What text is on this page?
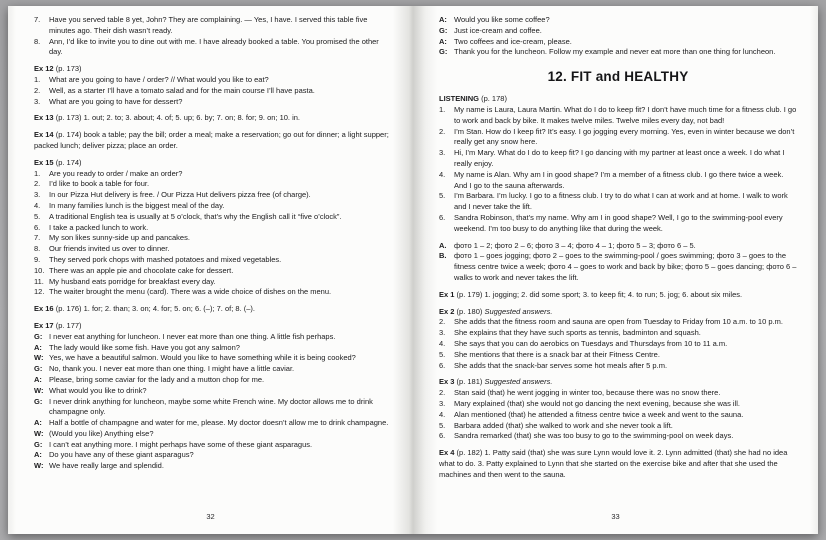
7. Have you served table 8 yet, John? They are complaining. — Yes, I have. I served this table five minutes ago. Their dish wasn’t ready.
8. Ann, I’d like to invite you to dine out with me. I have already booked a table. You promised the other day.
Ex 12 (p. 173)
1. What are you going to have / order? // What would you like to eat?
2. Well, as a starter I’ll have a tomato salad and for the main course I’ll have pasta.
3. What are you going to have for dessert?
Ex 13 (p. 173) 1. out; 2. to; 3. about; 4. of; 5. up; 6. by; 7. on; 8. for; 9. on; 10. in.
Ex 14 (p. 174) book a table; pay the bill; order a meal; make a reservation; go out for dinner; a light supper; packed lunch; deliver pizza; place an order.
Ex 15 (p. 174)
1. Are you ready to order / make an order?
2. I’d like to book a table for four.
3. In our Pizza Hut delivery is free. / Our Pizza Hut delivers pizza free (of charge).
4. In many families lunch is the biggest meal of the day.
5. A traditional English tea is usually at 5 o’clock, that’s why the English call it “five o’clock”.
6. I take a packed lunch to work.
7. My son likes sunny-side up and pancakes.
8. Our friends invited us over to dinner.
9. They served pork chops with mashed potatoes and mixed vegetables.
10. There was an apple pie and chocolate cake for dessert.
11. My husband eats porridge for breakfast every day.
12. The waiter brought the menu (card). There was a wide choice of dishes on the menu.
Ex 16 (p. 176) 1. for; 2. than; 3. on; 4. for; 5. on; 6. (–); 7. of; 8. (–).
Ex 17 (p. 177)
G: I never eat anything for luncheon. I never eat more than one thing. A little fish perhaps.
A: The lady would like some fish. Have you got any salmon?
W: Yes, we have a beautiful salmon. Would you like to have something while it is being cooked?
G: No, thank you. I never eat more than one thing. I might have a little caviar.
A: Please, bring some caviar for the lady and a mutton chop for me.
W: What would you like to drink?
G: I never drink anything for luncheon, maybe some white French wine. My doctor allows me to drink champagne only.
A: Half a bottle of champagne and water for me, please. My doctor doesn’t allow me to drink champagne.
W: (Would you like) Anything else?
G: I can’t eat anything more. I might perhaps have some of these giant asparagus.
A: Do you have any of these giant asparagus?
W: We have really large and splendid.
32
A: Would you like some coffee?
G: Just ice-cream and coffee.
A: Two coffees and ice-cream, please.
G: Thank you for the luncheon. Follow my example and never eat more than one thing for luncheon.
12. FIT and HEALTHY
LISTENING (p. 178)
1. My name is Laura, Laura Martin. What do I do to keep fit? I don’t have much time for a fitness club. I go to work and back by bike. It makes twelve miles. Twelve miles every day, not bad!
2. I’m Stan. How do I keep fit? It’s easy. I go jogging every morning. Yes, even in winter because we don’t really get any snow here.
3. Hi, I’m Mary. What do I do to keep fit? I go dancing with my partner at least once a week. I do what I really enjoy.
4. My name is Alan. Why am I in good shape? I’m a member of a fitness club. I go there twice a week. And I go to the sauna afterwards.
5. I’m Barbara. I’m lucky. I go to a fitness club. I try to do what I can at work and at home. I walk to work and I never take the lift.
6. Sandra Robinson, that’s my name. Why am I in good shape? Well, I go to the swimming-pool every weekend. I’m too busy to do anything like that during the week.
A. фото 1 – 2; фото 2 – 6; фото 3 – 4; фото 4 – 1; фото 5 – 3; фото 6 – 5.
B. фото 1 – goes jogging; фото 2 – goes to the swimming-pool / goes swimming; фото 3 – goes to the fitness centre twice a week; фото 4 – goes to work and back by bike; фото 5 – goes dancing; фото 6 – walks to work and never takes the lift.
Ex 1 (p. 179) 1. jogging; 2. did some sport; 3. to keep fit; 4. to run; 5. jog; 6. about six miles.
Ex 2 (p. 180) Suggested answers.
2. She adds that the fitness room and sauna are open from Tuesday to Friday from 10 a.m. to 10 p.m.
3. She explains that they have such sports as tennis, badminton and squash.
4. She says that you can do aerobics on Tuesdays and Thursdays from 10 to 11 a.m.
5. She mentions that there is a snack bar at their Fitness Centre.
6. She adds that the snack-bar serves some hot meals after 5 p.m.
Ex 3 (p. 181) Suggested answers.
2. Stan said (that) he went jogging in winter too, because there was no snow there.
3. Mary explained (that) she would not go dancing the next evening, because she was ill.
4. Alan mentioned (that) he attended a fitness centre twice a week and went to the sauna.
5. Barbara added (that) she walked to work and she never took a lift.
6. Sandra remarked (that) she was too busy to go to the swimming-pool on week days.
Ex 4 (p. 182) 1. Patty said (that) she was sure Lynn would love it. 2. Lynn admitted (that) she had no idea what to do. 3. Patty explained to Lynn that she started on the exercise bike and after that she used the machines and then went to the sauna.
33
